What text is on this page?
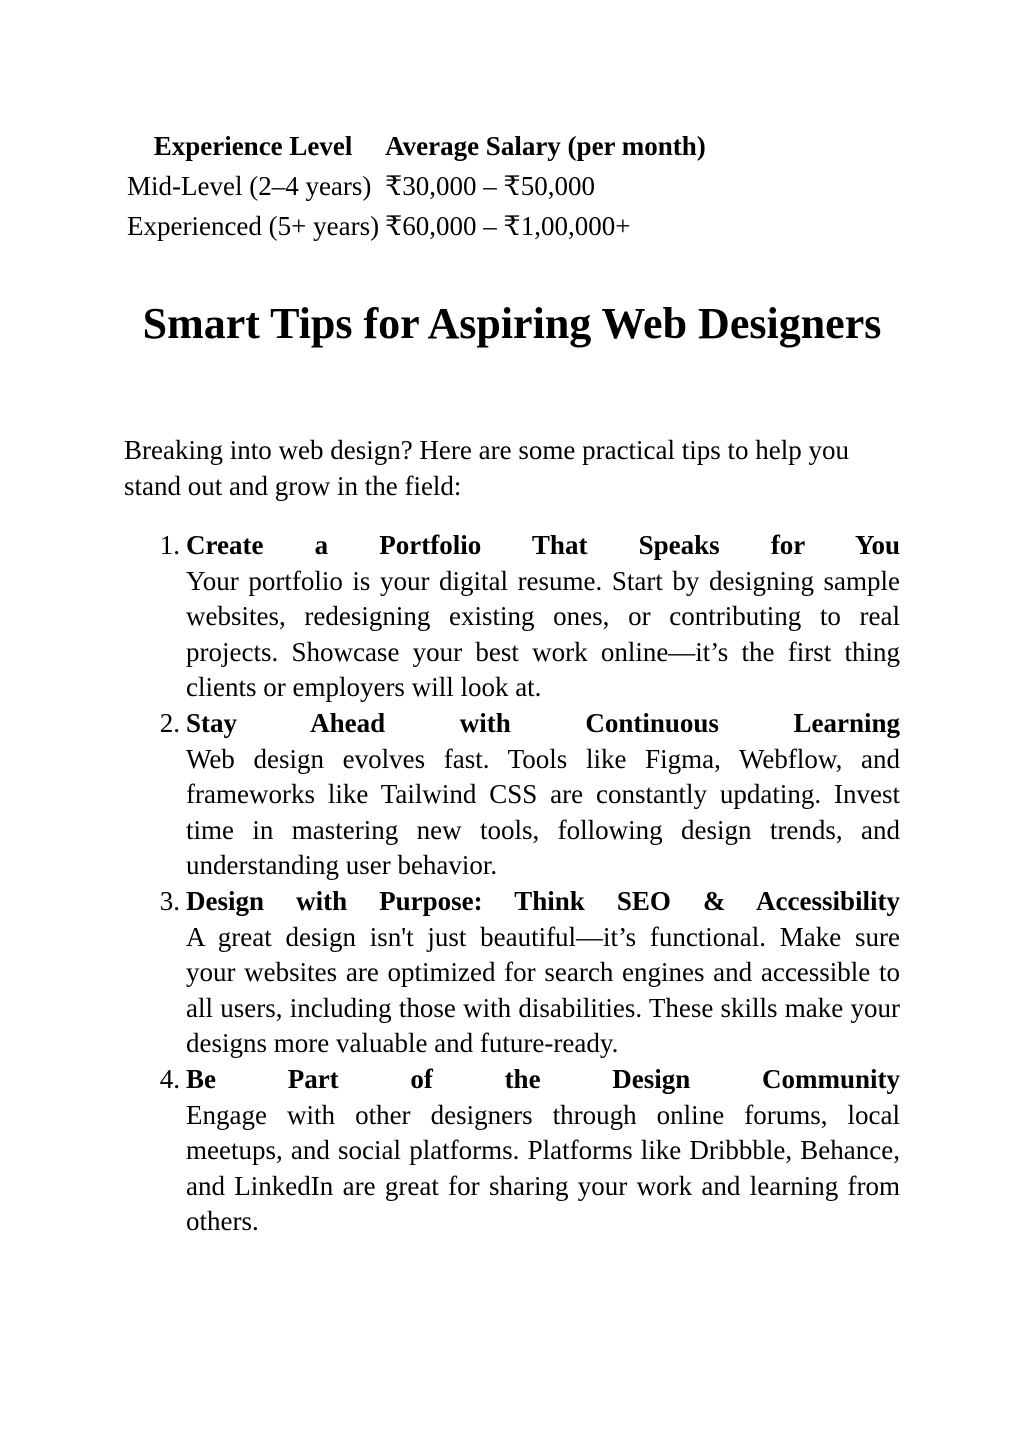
Experience Level	Average Salary (per month)
Mid-Level (2–4 years)	₹30,000 – ₹50,000
Experienced (5+ years)	₹60,000 – ₹1,00,000+
Smart Tips for Aspiring Web Designers

Breaking into web design? Here are some practical tips to help you stand out and grow in the field:

1. Create a Portfolio That Speaks for You
Your portfolio is your digital resume. Start by designing sample websites, redesigning existing ones, or contributing to real projects. Showcase your best work online—it’s the first thing clients or employers will look at.
2. Stay Ahead with Continuous Learning
Web design evolves fast. Tools like Figma, Webflow, and frameworks like Tailwind CSS are constantly updating. Invest time in mastering new tools, following design trends, and understanding user behavior.
3. Design with Purpose: Think SEO & Accessibility
A great design isn't just beautiful—it’s functional. Make sure your websites are optimized for search engines and accessible to all users, including those with disabilities. These skills make your designs more valuable and future-ready.
4. Be Part of the Design Community
Engage with other designers through online forums, local meetups, and social platforms. Platforms like Dribbble, Behance, and LinkedIn are great for sharing your work and learning from others.
